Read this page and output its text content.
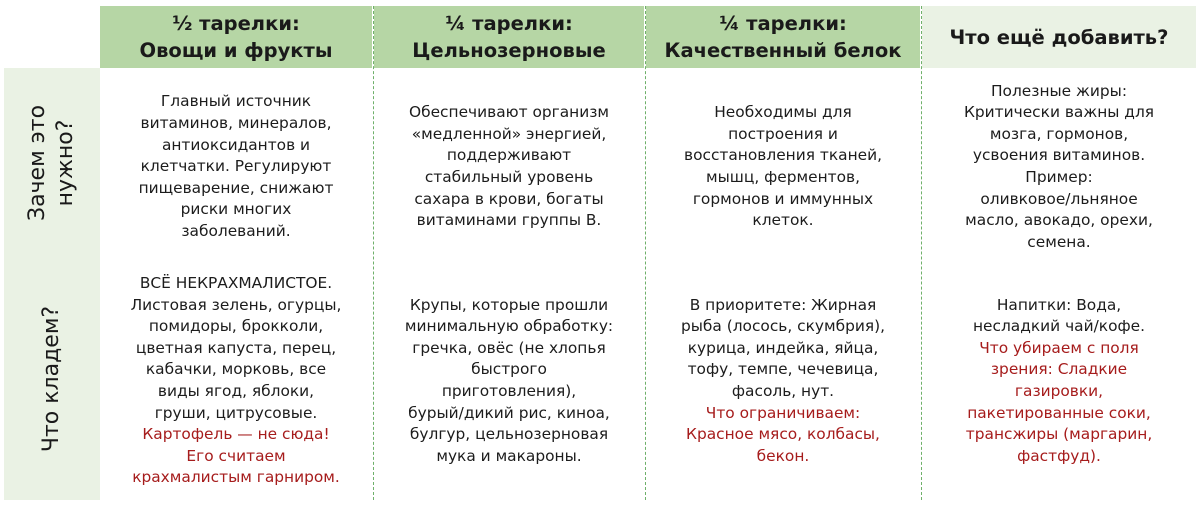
½ тарелки:
Овощи и фрукты
¼ тарелки:
Цельнозерновые
¼ тарелки:
Качественный белок
Что ещё добавить?
Зачем это нужно?
Что кладем?
Главный источник
витаминов, минералов,
антиоксидантов и
клетчатки. Регулируют
пищеварение, снижают
риски многих
заболеваний.
Обеспечивают организм
«медленной» энергией,
поддерживают
стабильный уровень
сахара в крови, богаты
витаминами группы В.
Необходимы для
построения и
восстановления тканей,
мышц, ферментов,
гормонов и иммунных
клеток.
Полезные жиры:
Критически важны для
мозга, гормонов,
усвоения витаминов.
Пример:
оливковое/льняное
масло, авокадо, орехи,
семена.
ВСЁ НЕКРАХМАЛИСТОЕ.
Листовая зелень, огурцы,
помидоры, брокколи,
цветная капуста, перец,
кабачки, морковь, все
виды ягод, яблоки,
груши, цитрусовые.
Картофель — не сюда!
Его считаем
крахмалистым гарниром.
Крупы, которые прошли
минимальную обработку:
гречка, овёс (не хлопья
быстрого
приготовления),
бурый/дикий рис, киноа,
булгур, цельнозерновая
мука и макароны.
В приоритете: Жирная
рыба (лосось, скумбрия),
курица, индейка, яйца,
тофу, темпе, чечевица,
фасоль, нут.
Что ограничиваем:
Красное мясо, колбасы,
бекон.
Напитки: Вода,
несладкий чай/кофе.
Что убираем с поля
зрения: Сладкие
газировки,
пакетированные соки,
трансжиры (маргарин,
фастфуд).
